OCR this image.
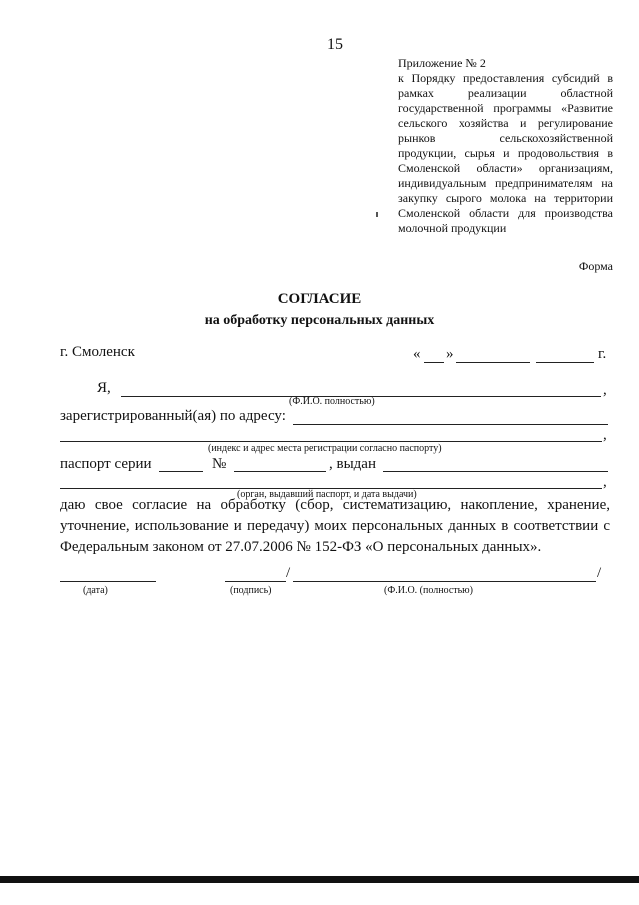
15
Приложение № 2
к Порядку предоставления субсидий в рамках реализации областной государственной программы «Развитие сельского хозяйства и регулирование рынков сельскохозяйственной продукции, сырья и продовольствия в Смоленской области» организациям, индивидуальным предпринимателям на закупку сырого молока на территории Смоленской области для производства молочной продукции
Форма
СОГЛАСИЕ
на обработку персональных данных
г. Смоленск	« »	г.
Я,	,
(Ф.И.О. полностью)
зарегистрированный(ая) по адресу:
,
(индекс и адрес места регистрации согласно паспорту)
паспорт серии	№	, выдан
,
(орган, выдавший паспорт, и дата выдачи)
даю свое согласие на обработку (сбор, систематизацию, накопление, хранение, уточнение, использование и передачу) моих персональных данных в соответствии с Федеральным законом от 27.07.2006 № 152-ФЗ «О персональных данных».
/	/
(дата)	(подпись)	(Ф.И.О. (полностью)
